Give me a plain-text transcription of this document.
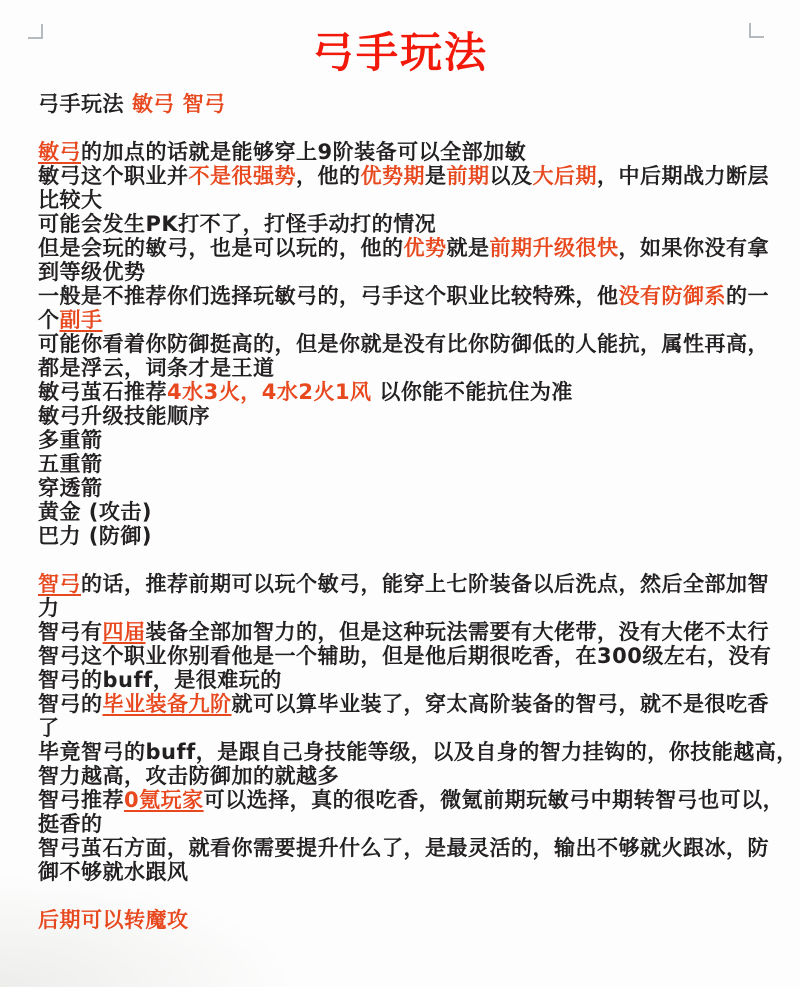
弓手玩法
弓手玩法 敏弓 智弓
敏弓的加点的话就是能够穿上9阶装备可以全部加敏
敏弓这个职业并不是很强势，他的优势期是前期以及大后期，中后期战力断层
比较大
可能会发生PK打不了，打怪手动打的情况
但是会玩的敏弓，也是可以玩的，他的优势就是前期升级很快，如果你没有拿
到等级优势
一般是不推荐你们选择玩敏弓的，弓手这个职业比较特殊，他没有防御系的一
个副手
可能你看着你防御挺高的，但是你就是没有比你防御低的人能抗，属性再高，
都是浮云，词条才是王道
敏弓茧石推荐4水3火，4水2火1风 以你能不能抗住为准
敏弓升级技能顺序
多重箭
五重箭
穿透箭
黄金 (攻击)
巴力 (防御)
智弓的话，推荐前期可以玩个敏弓，能穿上七阶装备以后洗点，然后全部加智
力
智弓有四届装备全部加智力的，但是这种玩法需要有大佬带，没有大佬不太行
智弓这个职业你别看他是一个辅助，但是他后期很吃香，在300级左右，没有
智弓的buff，是很难玩的
智弓的毕业装备九阶就可以算毕业装了，穿太高阶装备的智弓，就不是很吃香
了
毕竟智弓的buff，是跟自己身技能等级，以及自身的智力挂钩的，你技能越高，
智力越高，攻击防御加的就越多
智弓推荐0氪玩家可以选择，真的很吃香，微氪前期玩敏弓中期转智弓也可以，
挺香的
智弓茧石方面，就看你需要提升什么了，是最灵活的，输出不够就火跟冰，防
御不够就水跟风
后期可以转魔攻
